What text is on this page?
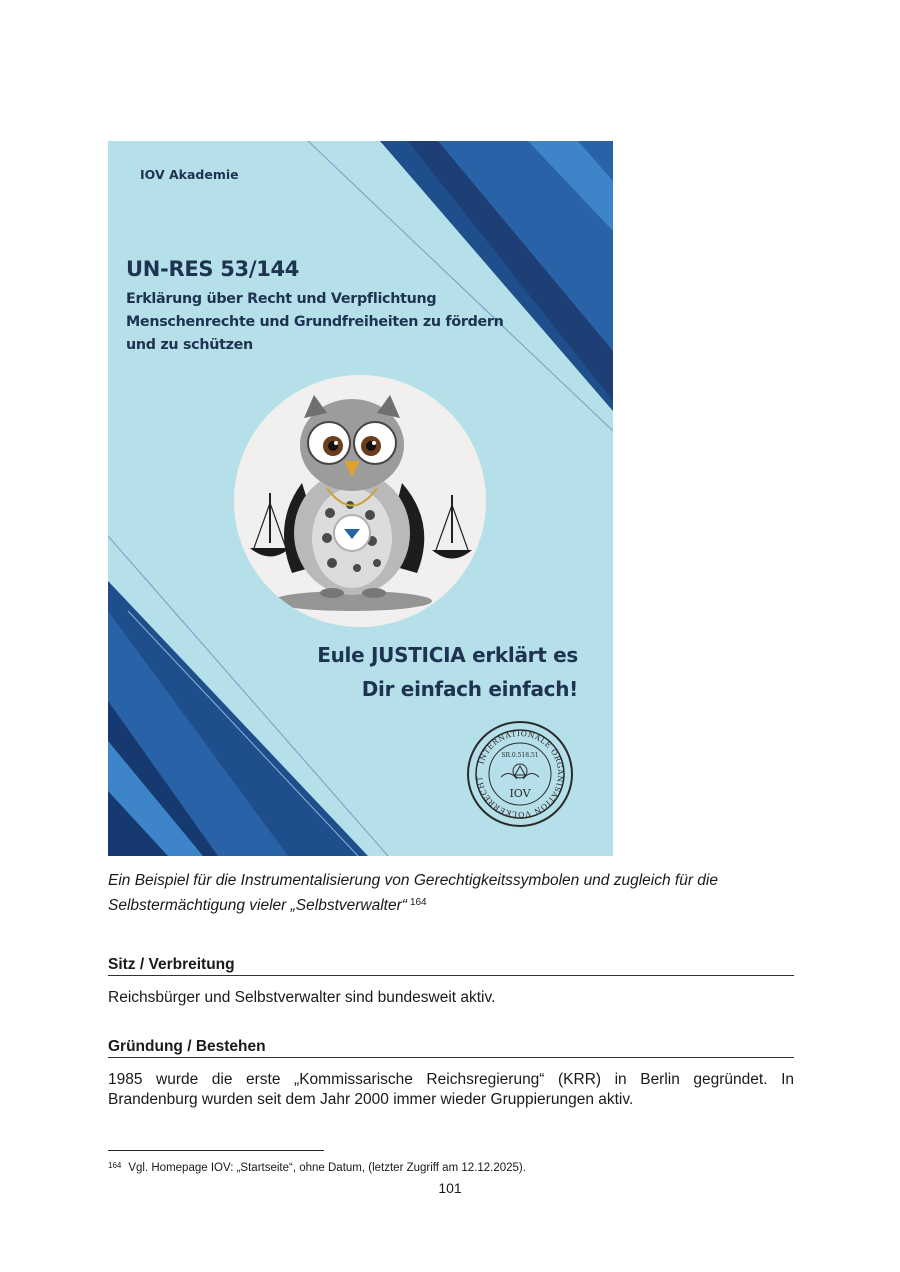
IOV Akademie
UN-RES 53/144
Erklärung über Recht und Verpflichtung Menschenrechte und Grundfreiheiten zu fördern und zu schützen
Eule JUSTICIA erklärt es
Dir einfach einfach!
INTERNATIONALE ORGANISATION VÖLKERRECHT
SR.0.518.51
IOV
Ein Beispiel für die Instrumentalisierung von Gerechtigkeitssymbolen und zugleich für die Selbstermächtigung vieler „Selbstverwalter“ $^{164}$
Sitz / Verbreitung
Reichsbürger und Selbstverwalter sind bundesweit aktiv.
Gründung / Bestehen
1985 wurde die erste „Kommissarische Reichsregierung“ (KRR) in Berlin gegründet. In Brandenburg wurden seit dem Jahr 2000 immer wieder Gruppierungen aktiv.
$^{164}$ Vgl. Homepage IOV: „Startseite“, ohne Datum, (letzter Zugriff am 12.12.2025).
101
